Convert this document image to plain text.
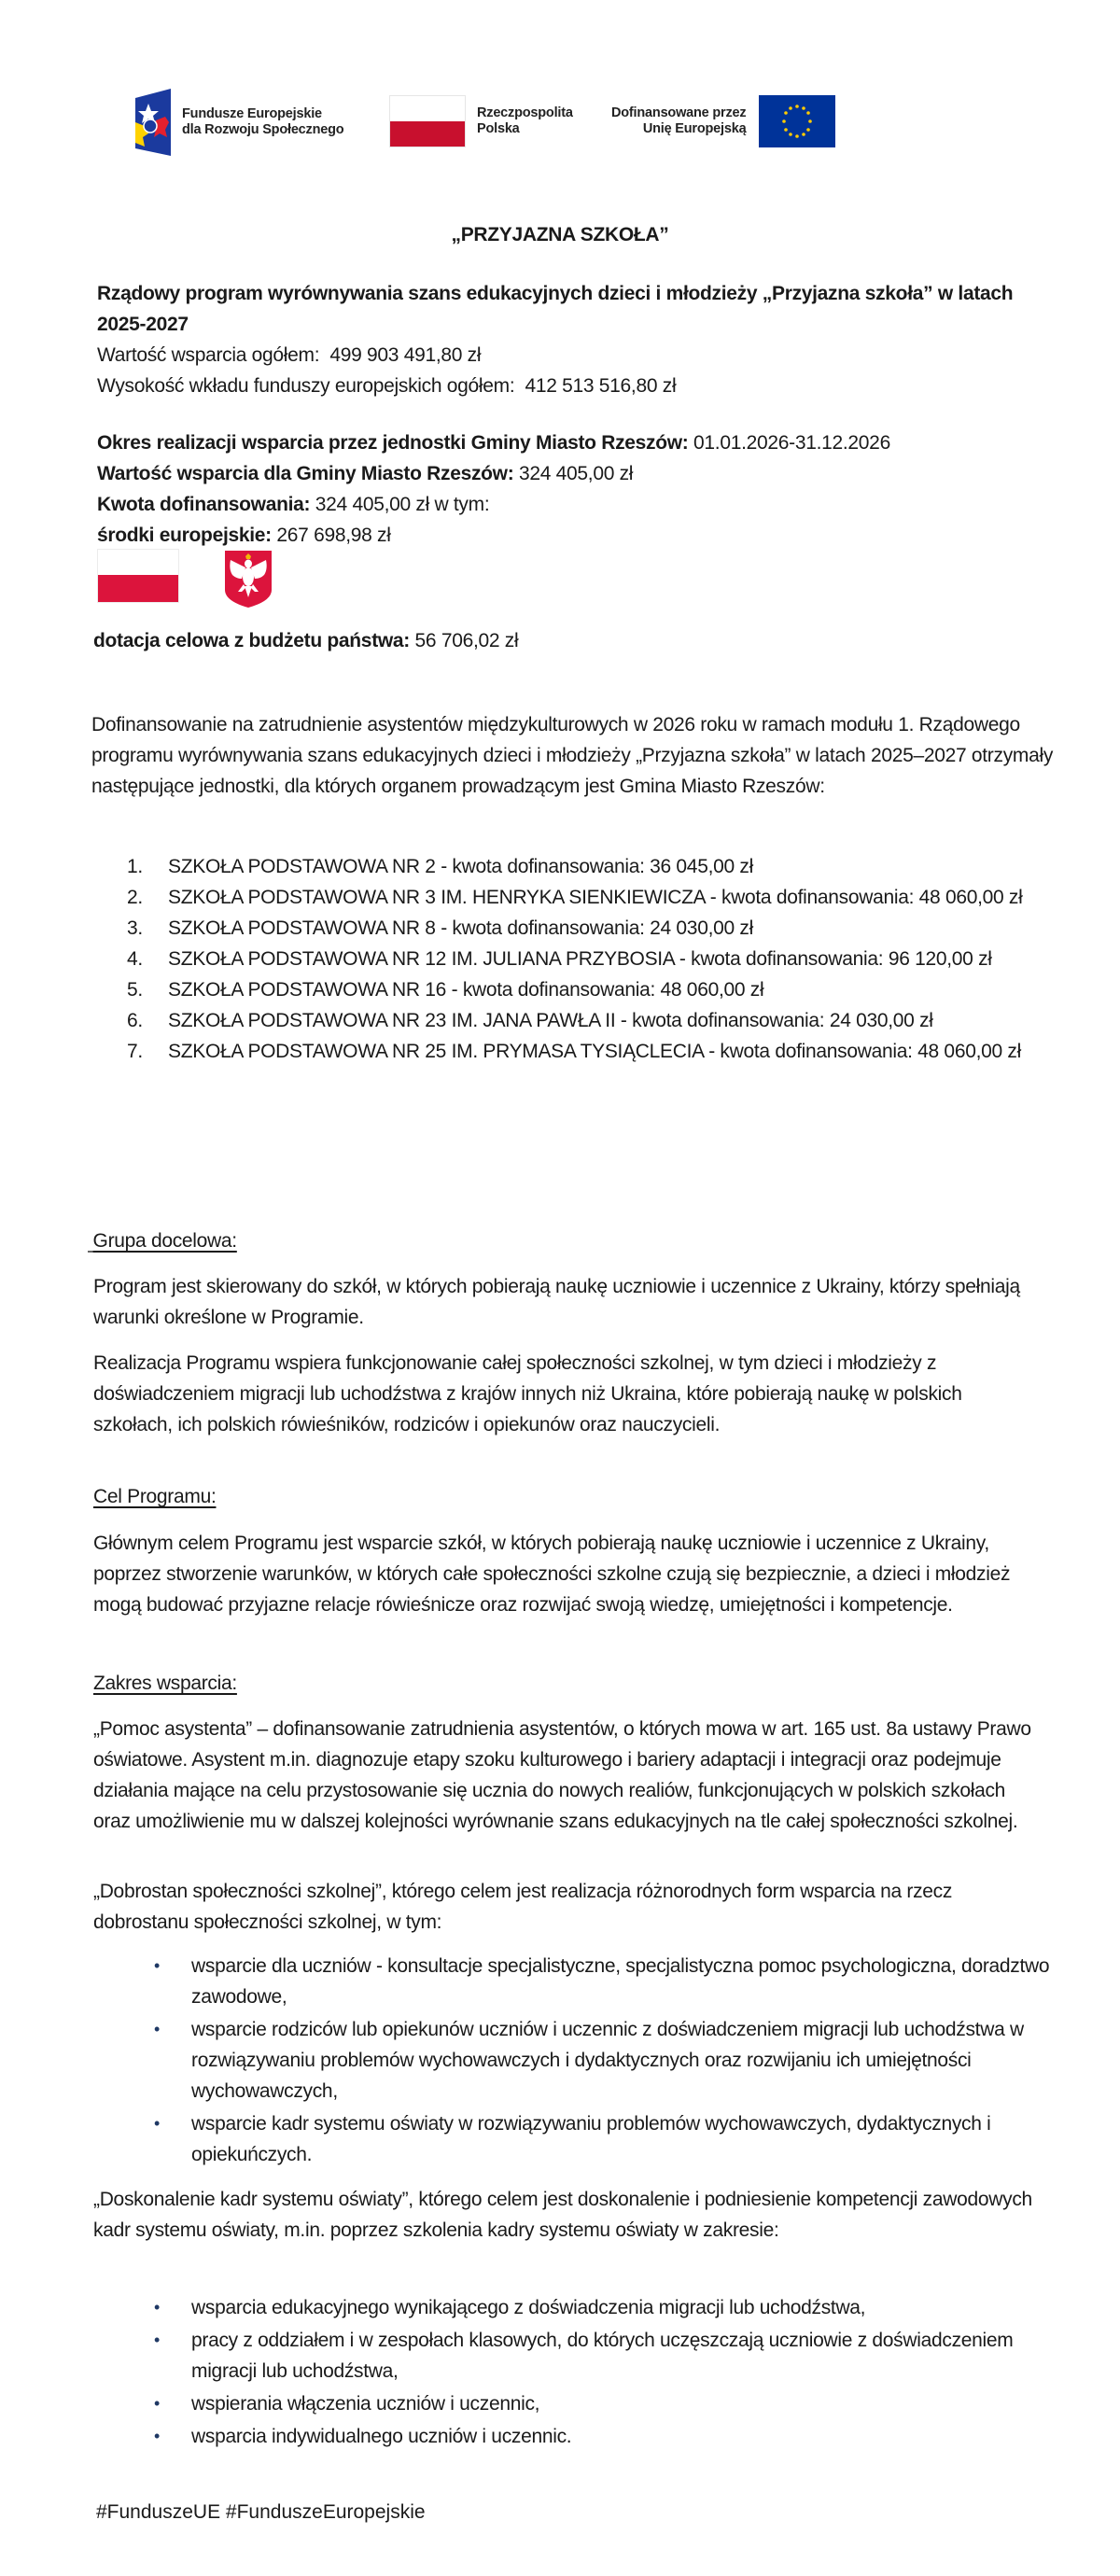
Fundusze Europejskie
dla Rozwoju Społecznego
Rzeczpospolita
Polska
Dofinansowane przez
Unię Europejską
„PRZYJAZNA SZKOŁA”
Rządowy program wyrównywania szans edukacyjnych dzieci i młodzieży „Przyjazna szkoła” w latach 2025-2027
Wartość wsparcia ogółem: 499 903 491,80 zł
Wysokość wkładu funduszy europejskich ogółem: 412 513 516,80 zł
Okres realizacji wsparcia przez jednostki Gminy Miasto Rzeszów: 01.01.2026-31.12.2026
Wartość wsparcia dla Gminy Miasto Rzeszów: 324 405,00 zł
Kwota dofinansowania: 324 405,00 zł w tym:
środki europejskie: 267 698,98 zł
dotacja celowa z budżetu państwa: 56 706,02 zł
Dofinansowanie na zatrudnienie asystentów międzykulturowych w 2026 roku w ramach modułu 1. Rządowego programu wyrównywania szans edukacyjnych dzieci i młodzieży „Przyjazna szkoła” w latach 2025–2027 otrzymały następujące jednostki, dla których organem prowadzącym jest Gmina Miasto Rzeszów:
1. SZKOŁA PODSTAWOWA NR 2 - kwota dofinansowania: 36 045,00 zł
2. SZKOŁA PODSTAWOWA NR 3 IM. HENRYKA SIENKIEWICZA - kwota dofinansowania: 48 060,00 zł
3. SZKOŁA PODSTAWOWA NR 8 - kwota dofinansowania: 24 030,00 zł
4. SZKOŁA PODSTAWOWA NR 12 IM. JULIANA PRZYBOSIA - kwota dofinansowania: 96 120,00 zł
5. SZKOŁA PODSTAWOWA NR 16 - kwota dofinansowania: 48 060,00 zł
6. SZKOŁA PODSTAWOWA NR 23 IM. JANA PAWŁA II - kwota dofinansowania: 24 030,00 zł
7. SZKOŁA PODSTAWOWA NR 25 IM. PRYMASA TYSIĄCLECIA - kwota dofinansowania: 48 060,00 zł
Grupa docelowa:
Program jest skierowany do szkół, w których pobierają naukę uczniowie i uczennice z Ukrainy, którzy spełniają warunki określone w Programie.
Realizacja Programu wspiera funkcjonowanie całej społeczności szkolnej, w tym dzieci i młodzieży z doświadczeniem migracji lub uchodźstwa z krajów innych niż Ukraina, które pobierają naukę w polskich szkołach, ich polskich rówieśników, rodziców i opiekunów oraz nauczycieli.
Cel Programu:
Głównym celem Programu jest wsparcie szkół, w których pobierają naukę uczniowie i uczennice z Ukrainy, poprzez stworzenie warunków, w których całe społeczności szkolne czują się bezpiecznie, a dzieci i młodzież mogą budować przyjazne relacje rówieśnicze oraz rozwijać swoją wiedzę, umiejętności i kompetencje.
Zakres wsparcia:
„Pomoc asystenta” – dofinansowanie zatrudnienia asystentów, o których mowa w art. 165 ust. 8a ustawy Prawo oświatowe. Asystent m.in. diagnozuje etapy szoku kulturowego i bariery adaptacji i integracji oraz podejmuje działania mające na celu przystosowanie się ucznia do nowych realiów, funkcjonujących w polskich szkołach oraz umożliwienie mu w dalszej kolejności wyrównanie szans edukacyjnych na tle całej społeczności szkolnej.
„Dobrostan społeczności szkolnej”, którego celem jest realizacja różnorodnych form wsparcia na rzecz dobrostanu społeczności szkolnej, w tym:
• wsparcie dla uczniów - konsultacje specjalistyczne, specjalistyczna pomoc psychologiczna, doradztwo zawodowe,
• wsparcie rodziców lub opiekunów uczniów i uczennic z doświadczeniem migracji lub uchodźstwa w rozwiązywaniu problemów wychowawczych i dydaktycznych oraz rozwijaniu ich umiejętności wychowawczych,
• wsparcie kadr systemu oświaty w rozwiązywaniu problemów wychowawczych, dydaktycznych i opiekuńczych.
„Doskonalenie kadr systemu oświaty”, którego celem jest doskonalenie i podniesienie kompetencji zawodowych kadr systemu oświaty, m.in. poprzez szkolenia kadry systemu oświaty w zakresie:
• wsparcia edukacyjnego wynikającego z doświadczenia migracji lub uchodźstwa,
• pracy z oddziałem i w zespołach klasowych, do których uczęszczają uczniowie z doświadczeniem migracji lub uchodźstwa,
• wspierania włączenia uczniów i uczennic,
• wsparcia indywidualnego uczniów i uczennic.
#FunduszeUE #FunduszeEuropejskie
